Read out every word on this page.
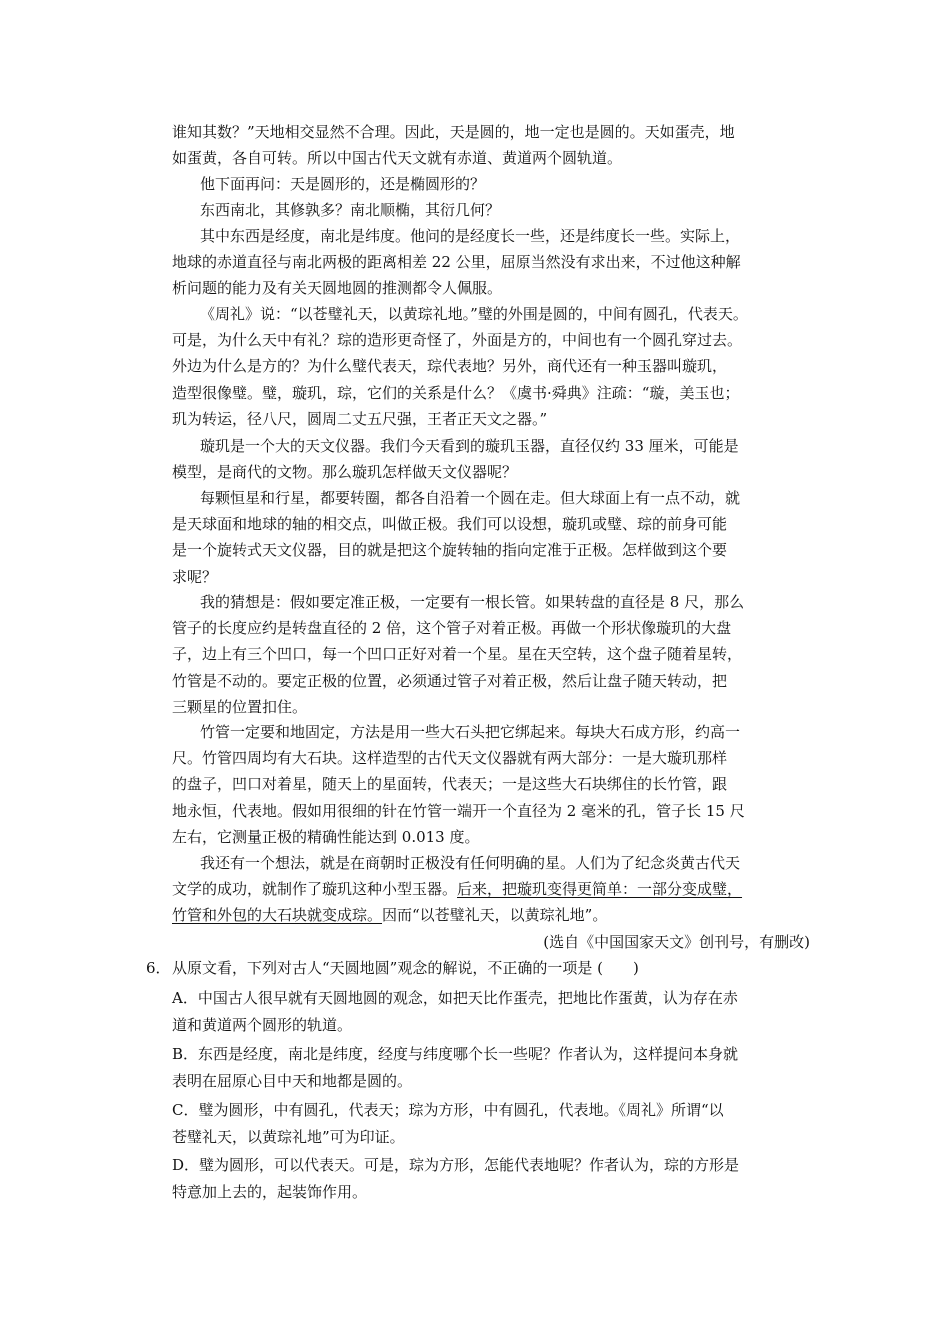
谁知其数？”天地相交显然不合理。因此，天是圆的，地一定也是圆的。天如蛋壳，地
如蛋黄，各自可转。所以中国古代天文就有赤道、黄道两个圆轨道。
他下面再问：天是圆形的，还是椭圆形的？
东西南北，其修孰多？南北顺椭，其衍几何？
其中东西是经度，南北是纬度。他问的是经度长一些，还是纬度长一些。实际上，
地球的赤道直径与南北两极的距离相差 22 公里，屈原当然没有求出来，不过他这种解
析问题的能力及有关天圆地圆的推测都令人佩服。
《周礼》说：“以苍璧礼天，以黄琮礼地。”璧的外围是圆的，中间有圆孔，代表天。
可是，为什么天中有礼？琮的造形更奇怪了，外面是方的，中间也有一个圆孔穿过去。
外边为什么是方的？为什么璧代表天，琮代表地？另外，商代还有一种玉器叫璇玑，
造型很像璧。璧，璇玑，琮，它们的关系是什么？《虞书·舜典》注疏：“璇，美玉也；
玑为转运，径八尺，圆周二丈五尺强，王者正天文之器。”
璇玑是一个大的天文仪器。我们今天看到的璇玑玉器，直径仅约 33 厘米，可能是
模型，是商代的文物。那么璇玑怎样做天文仪器呢？
每颗恒星和行星，都要转圈，都各自沿着一个圆在走。但大球面上有一点不动，就
是天球面和地球的轴的相交点，叫做正极。我们可以设想，璇玑或璧、琮的前身可能
是一个旋转式天文仪器，目的就是把这个旋转轴的指向定准于正极。怎样做到这个要
求呢？
我的猜想是：假如要定准正极，一定要有一根长管。如果转盘的直径是 8 尺，那么
管子的长度应约是转盘直径的 2 倍，这个管子对着正极。再做一个形状像璇玑的大盘
子，边上有三个凹口，每一个凹口正好对着一个星。星在天空转，这个盘子随着星转，
竹管是不动的。要定正极的位置，必须通过管子对着正极，然后让盘子随天转动，把
三颗星的位置扣住。
竹管一定要和地固定，方法是用一些大石头把它绑起来。每块大石成方形，约高一
尺。竹管四周均有大石块。这样造型的古代天文仪器就有两大部分：一是大璇玑那样
的盘子，凹口对着星，随天上的星面转，代表天；一是这些大石块绑住的长竹管，跟
地永恒，代表地。假如用很细的针在竹管一端开一个直径为 2 毫米的孔，管子长 15 尺
左右，它测量正极的精确性能达到 0.013 度。
我还有一个想法，就是在商朝时正极没有任何明确的星。人们为了纪念炎黄古代天
文学的成功，就制作了璇玑这种小型玉器。后来，把璇玑变得更简单：一部分变成璧，
竹管和外包的大石块就变成琮。因而“以苍璧礼天，以黄琮礼地”。
(选自《中国国家天文》创刊号，有删改)
6． 从原文看，下列对古人“天圆地圆”观念的解说，不正确的一项是 (　　)
A．中国古人很早就有天圆地圆的观念，如把天比作蛋壳，把地比作蛋黄，认为存在赤
道和黄道两个圆形的轨道。
B．东西是经度，南北是纬度，经度与纬度哪个长一些呢？作者认为，这样提问本身就
表明在屈原心目中天和地都是圆的。
C．璧为圆形，中有圆孔，代表天；琮为方形，中有圆孔，代表地。《周礼》所谓“以
苍璧礼天，以黄琮礼地”可为印证。
D．璧为圆形，可以代表天。可是，琮为方形，怎能代表地呢？作者认为，琮的方形是
特意加上去的，起装饰作用。
